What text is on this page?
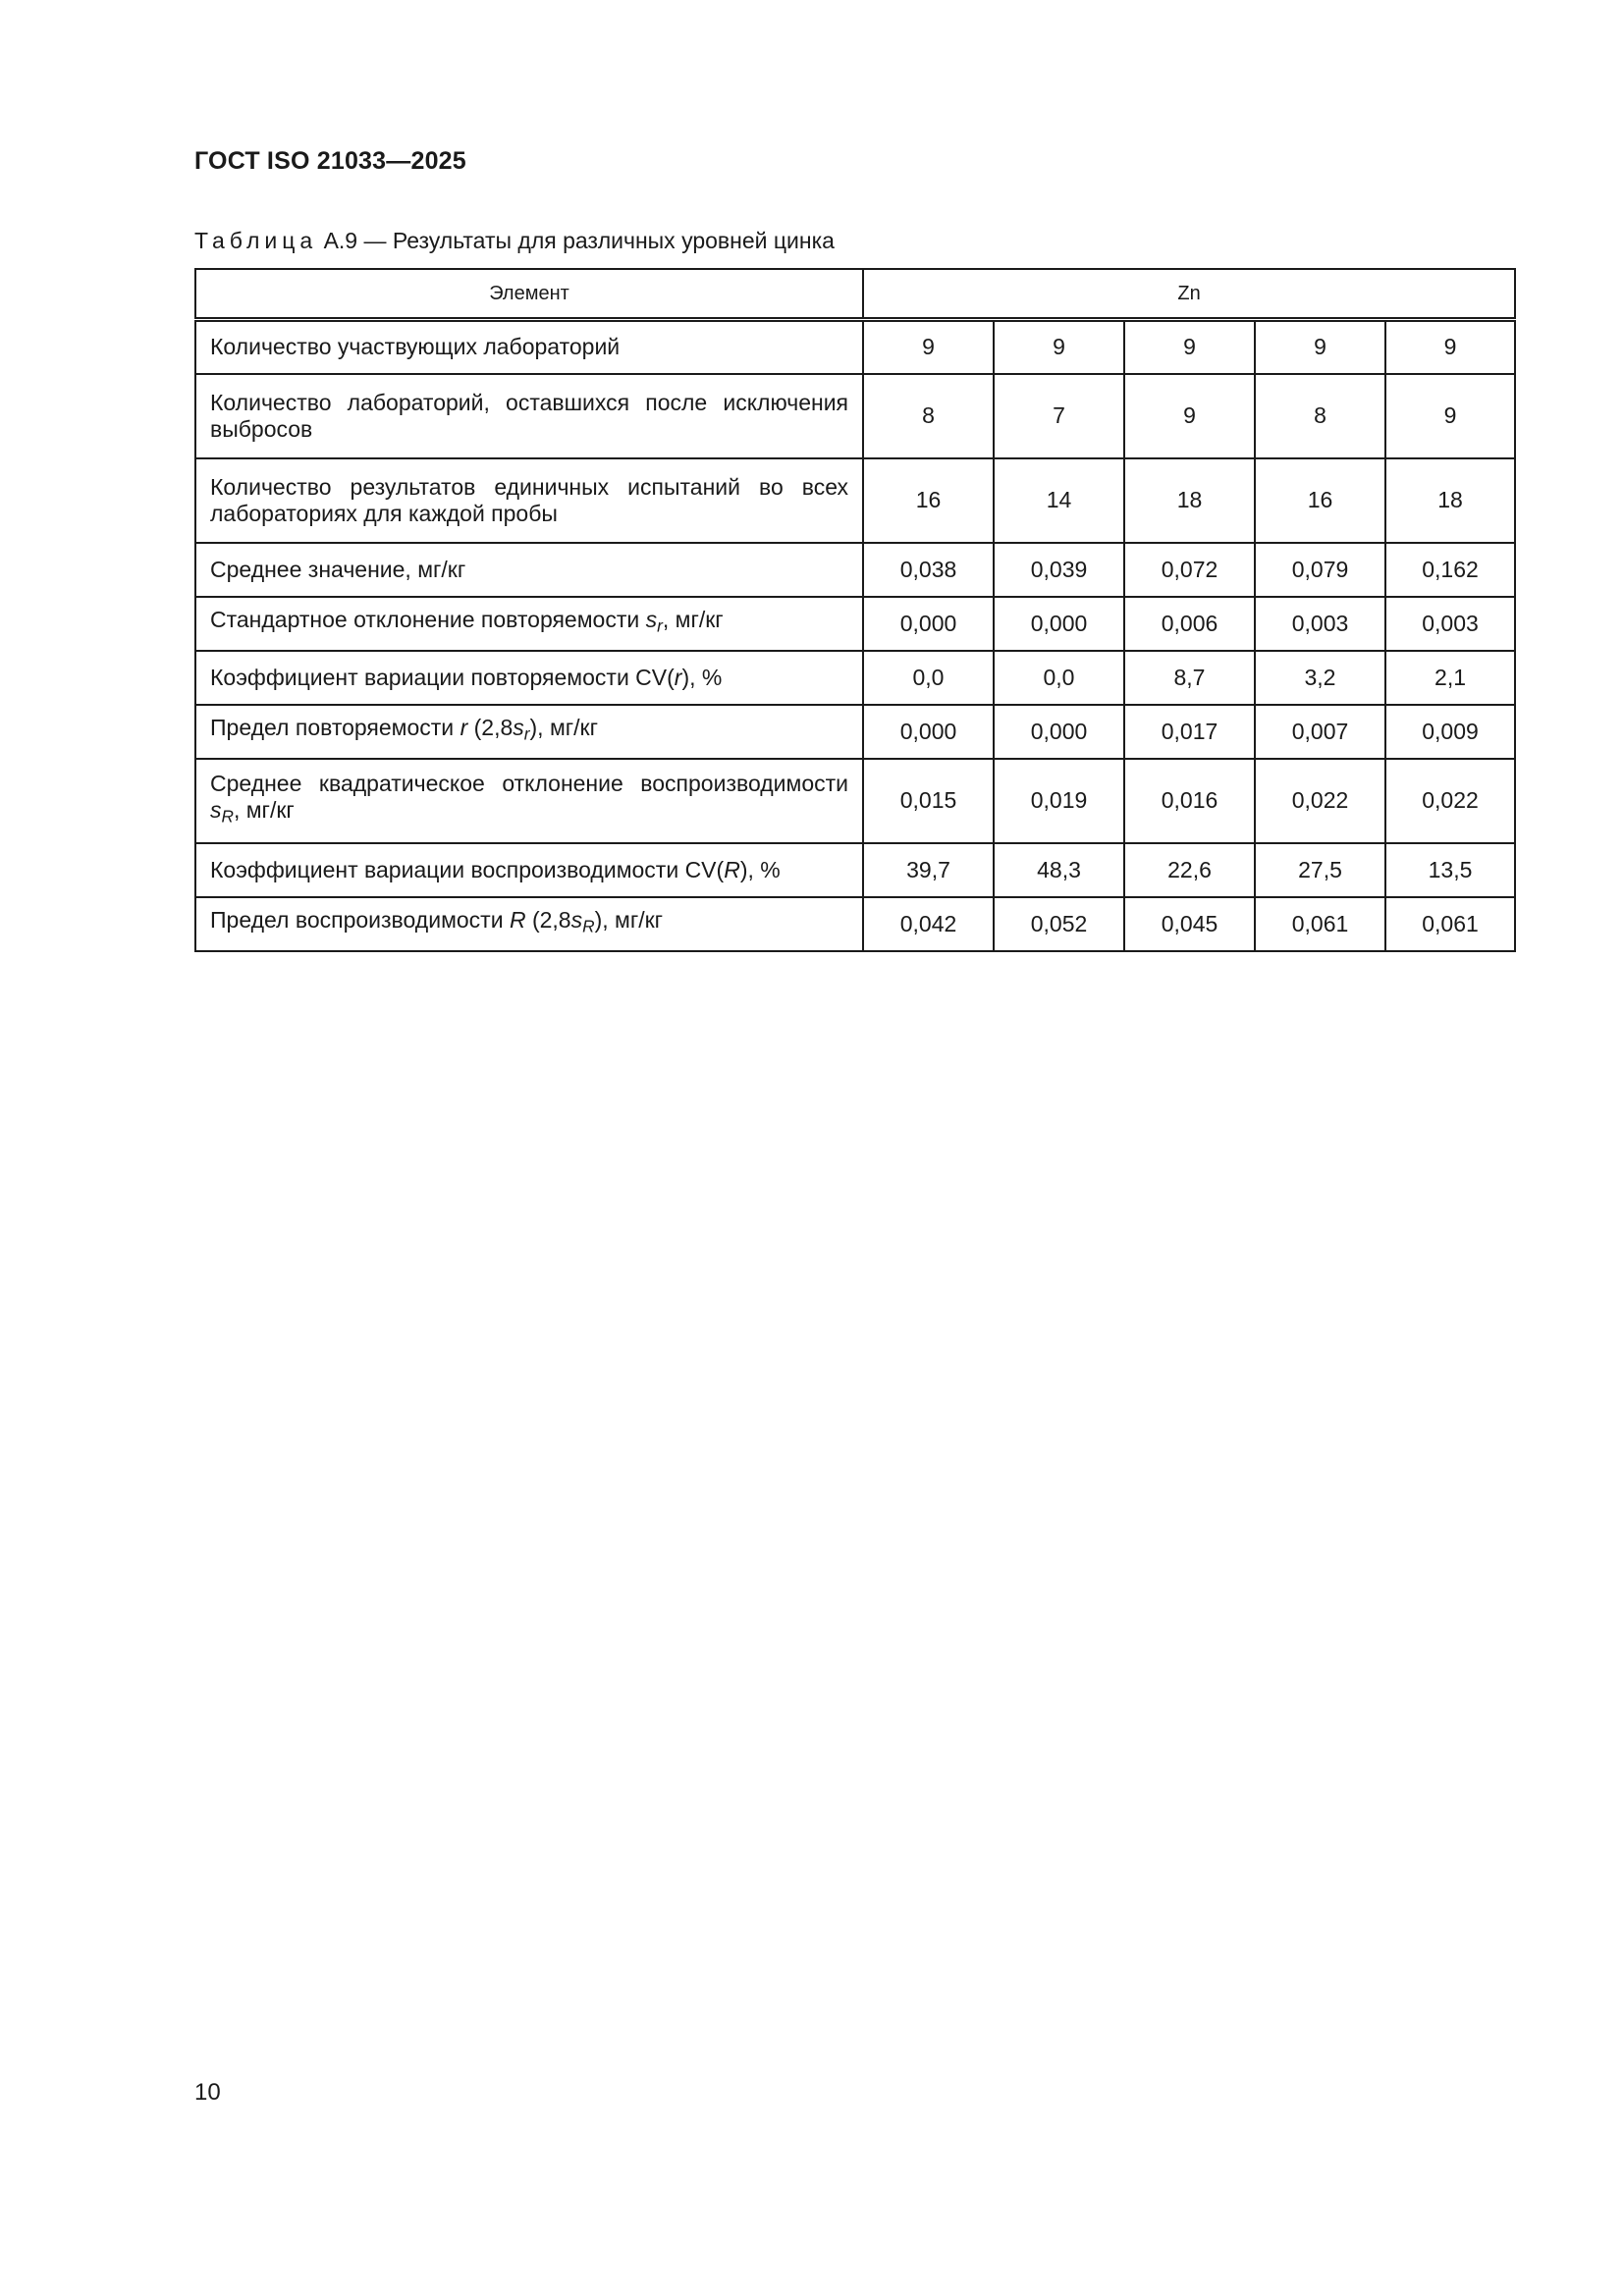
ГОСТ ISO 21033—2025
Таблица А.9 — Результаты для различных уровней цинка
Элемент	Zn				
Количество участвующих лабораторий	9	9	9	9	9
Количество лабораторий, оставшихся после исключения выбросов	8	7	9	8	9
Количество результатов единичных испытаний во всех лабораториях для каждой пробы	16	14	18	16	18
Среднее значение, мг/кг	0,038	0,039	0,072	0,079	0,162
Стандартное отклонение повторяемости $s_r$, мг/кг	0,000	0,000	0,006	0,003	0,003
Коэффициент вариации повторяемости CV(r), %	0,0	0,0	8,7	3,2	2,1
Предел повторяемости r $(2,8s_r)$, мг/кг	0,000	0,000	0,017	0,007	0,009
Среднее квадратическое отклонение воспроизводимости $s_R$, мг/кг	0,015	0,019	0,016	0,022	0,022
Коэффициент вариации воспроизводимости CV(R), %	39,7	48,3	22,6	27,5	13,5
Предел воспроизводимости R $(2,8s_R)$, мг/кг	0,042	0,052	0,045	0,061	0,061
10
